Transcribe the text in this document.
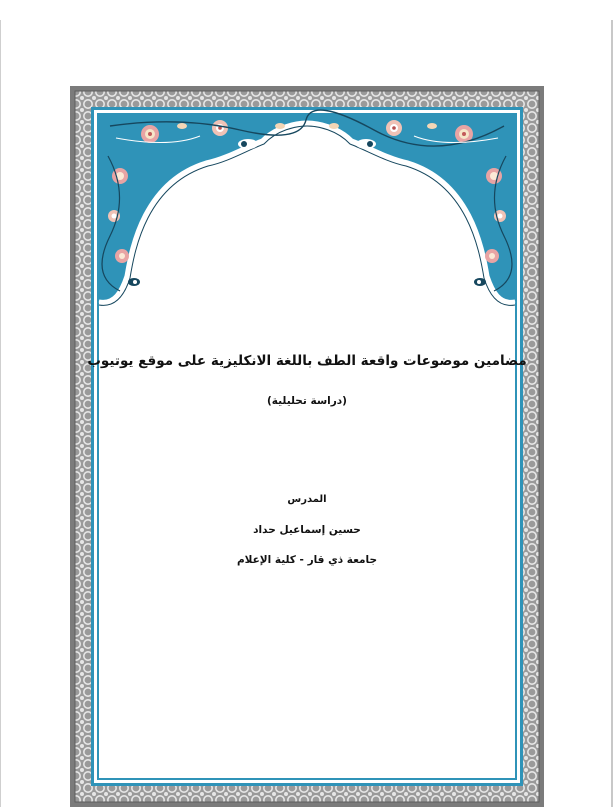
مضامين موضوعات واقعة الطف باللغة الانكليزية على موقع يوتيوب
(دراسة تحليلية)
المدرس
حسين إسماعيل حداد
جامعة ذي قار - كلية الإعلام
